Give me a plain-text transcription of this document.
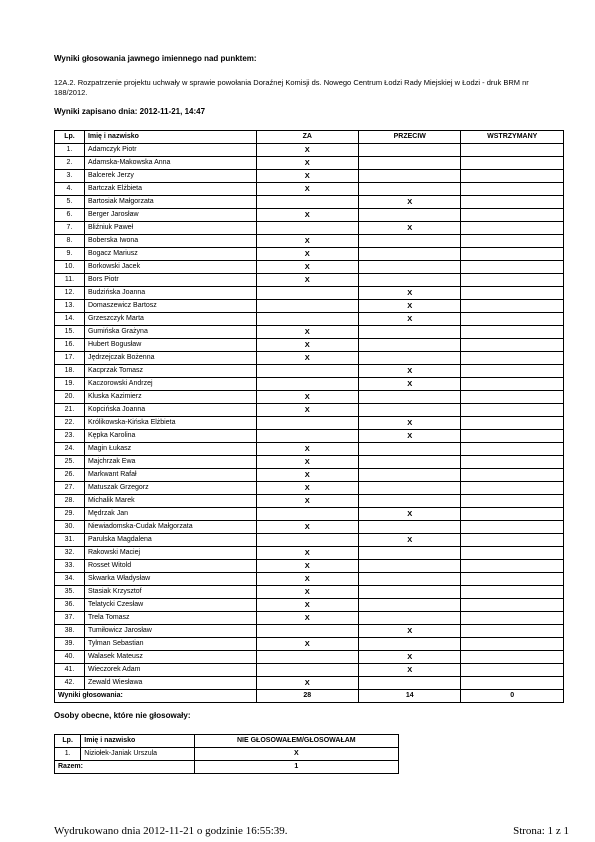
Wyniki głosowania jawnego imiennego nad punktem:
12A.2. Rozpatrzenie projektu uchwały w sprawie powołania Doraźnej Komisji ds. Nowego Centrum Łodzi Rady Miejskiej w Łodzi - druk BRM nr 188/2012.
Wyniki zapisano dnia: 2012-11-21, 14:47
Lp.	Imię i nazwisko	ZA	PRZECIW	WSTRZYMANY
1.	Adamczyk Piotr	X		
2.	Adamska-Makowska Anna	X		
3.	Balcerek Jerzy	X		
4.	Bartczak Elżbieta	X		
5.	Bartosiak Małgorzata		X	
6.	Berger Jarosław	X		
7.	Bliźniuk Paweł		X	
8.	Boberska Iwona	X		
9.	Bogacz Mariusz	X		
10.	Borkowski Jacek	X		
11.	Bors Piotr	X		
12.	Budzińska Joanna		X	
13.	Domaszewicz Bartosz		X	
14.	Grzeszczyk Marta		X	
15.	Gumińska Grażyna	X		
16.	Hubert Bogusław	X		
17.	Jędrzejczak Bożenna	X		
18.	Kacprzak Tomasz		X	
19.	Kaczorowski Andrzej		X	
20.	Kluska Kazimierz	X		
21.	Kopcińska Joanna	X		
22.	Królikowska-Kińska Elżbieta		X	
23.	Kępka Karolina		X	
24.	Magin Łukasz	X		
25.	Majchrzak Ewa	X		
26.	Markwant Rafał	X		
27.	Matuszak Grzegorz	X		
28.	Michalik Marek	X		
29.	Mędrzak Jan		X	
30.	Niewiadomska-Cudak Małgorzata	X		
31.	Parulska Magdalena		X	
32.	Rakowski Maciej	X		
33.	Rosset Witold	X		
34.	Skwarka Władysław	X		
35.	Stasiak Krzysztof	X		
36.	Telatycki Czesław	X		
37.	Trela Tomasz	X		
38.	Tumiłowicz Jarosław		X	
39.	Tylman Sebastian	X		
40.	Walasek Mateusz		X	
41.	Wieczorek Adam		X	
42.	Zewald Wiesława	X		
Wyniki głosowania:		28	14	0
Osoby obecne, które nie głosowały:
Lp.	Imię i nazwisko	NIE GŁOSOWAŁEM/GŁOSOWAŁAM
1.	Niziołek-Janiak Urszula	X
Razem:		1
Wydrukowano dnia 2012-11-21 o godzinie 16:55:39.	Strona: 1 z 1
